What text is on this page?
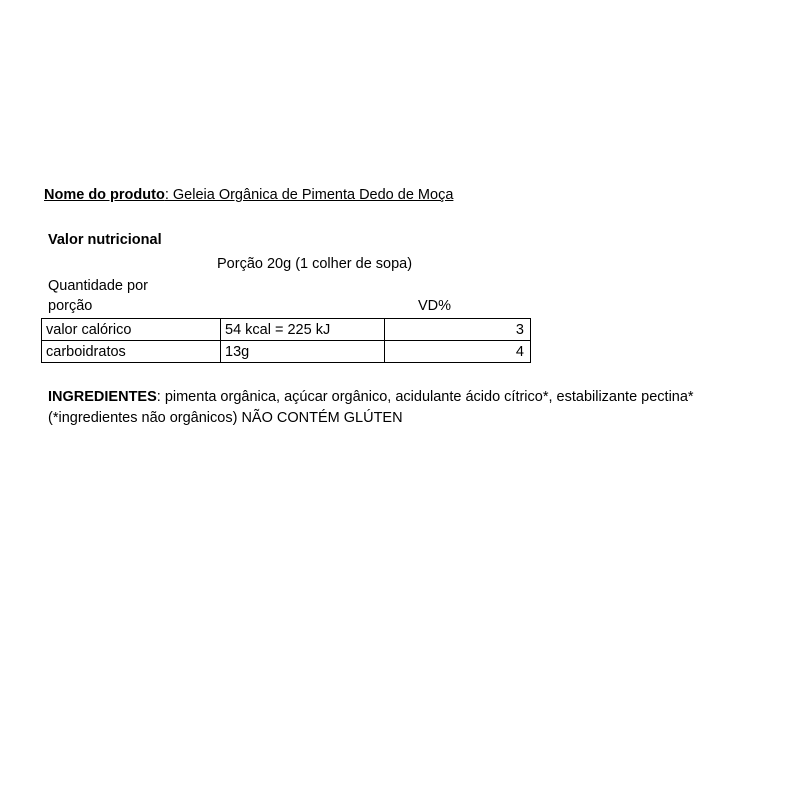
Nome do produto: Geleia Orgânica de Pimenta Dedo de Moça
Valor nutricional
Porção 20g (1 colher de sopa)
Quantidade por
porção	VD%
valor calórico	54 kcal = 225 kJ	3
carboidratos	13g	4
INGREDIENTES: pimenta orgânica, açúcar orgânico, acidulante ácido cítrico*, estabilizante pectina* (*ingredientes não orgânicos) NÃO CONTÉM GLÚTEN
